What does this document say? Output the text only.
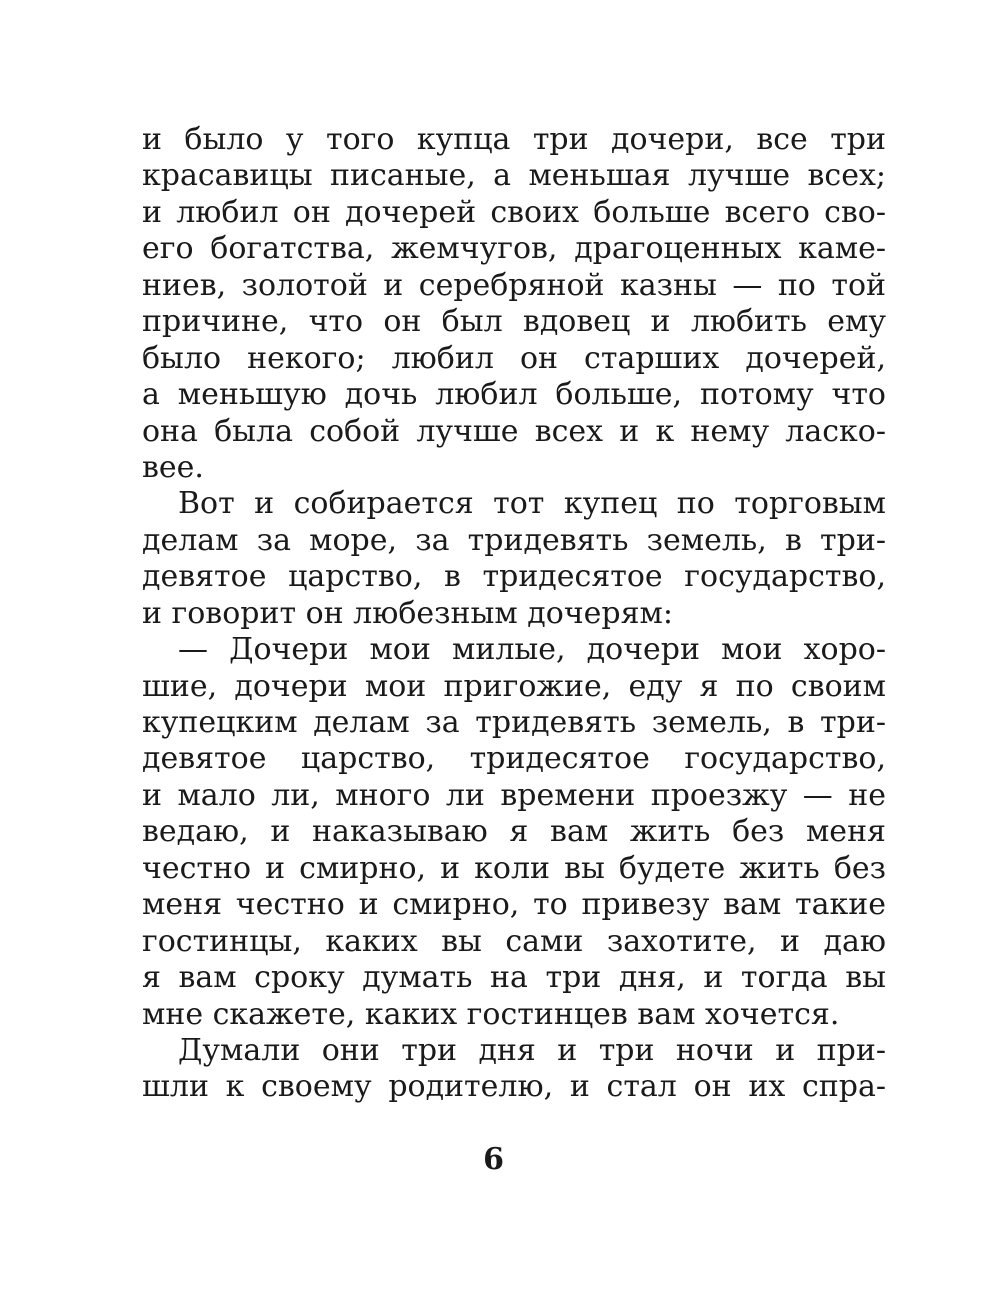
и было у того купца три дочери, все три
красавицы писаные, а меньшая лучше всех;
и любил он дочерей своих больше всего сво-
его богатства, жемчугов, драгоценных каме-
ниев, золотой и серебряной казны — по той
причине, что он был вдовец и любить ему
было некого; любил он старших дочерей,
а меньшую дочь любил больше, потому что
она была собой лучше всех и к нему ласко-
вее.
Вот и собирается тот купец по торговым
делам за море, за тридевять земель, в три-
девятое царство, в тридесятое государство,
и говорит он любезным дочерям:
— Дочери мои милые, дочери мои хоро-
шие, дочери мои пригожие, еду я по своим
купецким делам за тридевять земель, в три-
девятое царство, тридесятое государство,
и мало ли, много ли времени проезжу — не
ведаю, и наказываю я вам жить без меня
честно и смирно, и коли вы будете жить без
меня честно и смирно, то привезу вам такие
гостинцы, каких вы сами захотите, и даю
я вам сроку думать на три дня, и тогда вы
мне скажете, каких гостинцев вам хочется.
Думали они три дня и три ночи и при-
шли к своему родителю, и стал он их спра-
6
